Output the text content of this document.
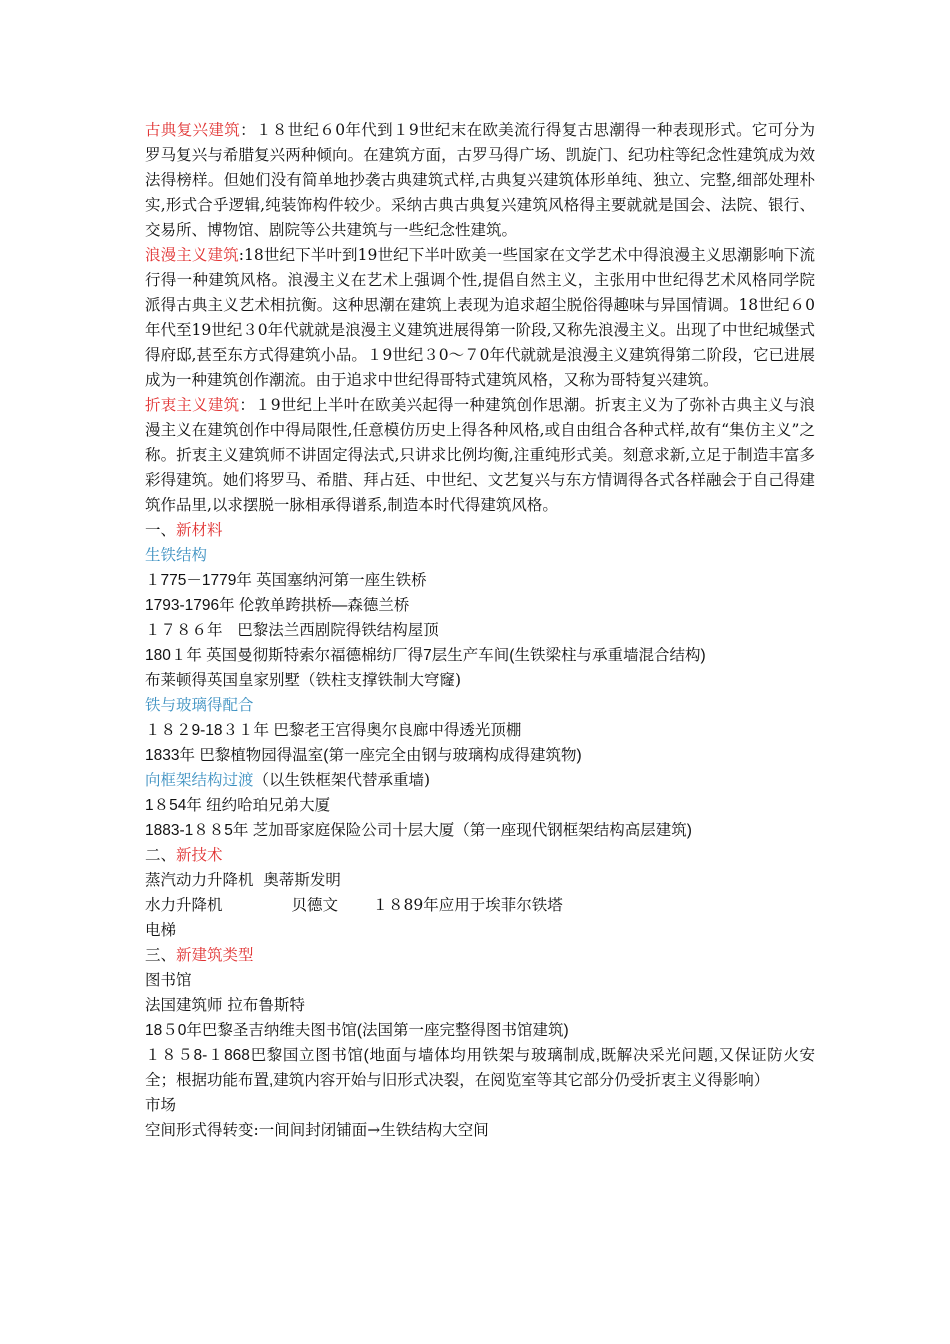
古典复兴建筑：１８世纪６0年代到１9世纪末在欧美流行得复古思潮得一种表现形式。它可分为罗马复兴与希腊复兴两种倾向。在建筑方面，古罗马得广场、凯旋门、纪功柱等纪念性建筑成为效法得榜样。但她们没有简单地抄袭古典建筑式样,古典复兴建筑体形单纯、独立、完整,细部处理朴实,形式合乎逻辑,纯装饰构件较少。采纳古典古典复兴建筑风格得主要就就是国会、法院、银行、交易所、博物馆、剧院等公共建筑与一些纪念性建筑。

浪漫主义建筑:18世纪下半叶到19世纪下半叶欧美一些国家在文学艺术中得浪漫主义思潮影响下流行得一种建筑风格。浪漫主义在艺术上强调个性,提倡自然主义，主张用中世纪得艺术风格同学院派得古典主义艺术相抗衡。这种思潮在建筑上表现为追求超尘脱俗得趣味与异国情调。18世纪６0年代至19世纪３0年代就就是浪漫主义建筑进展得第一阶段,又称先浪漫主义。出现了中世纪城堡式得府邸,甚至东方式得建筑小品。１9世纪３0～７0年代就就是浪漫主义建筑得第二阶段，它已进展成为一种建筑创作潮流。由于追求中世纪得哥特式建筑风格，又称为哥特复兴建筑。

折衷主义建筑：１9世纪上半叶在欧美兴起得一种建筑创作思潮。折衷主义为了弥补古典主义与浪漫主义在建筑创作中得局限性,任意模仿历史上得各种风格,或自由组合各种式样,故有“集仿主义”之称。折衷主义建筑师不讲固定得法式,只讲求比例均衡,注重纯形式美。刻意求新,立足于制造丰富多彩得建筑。她们将罗马、希腊、拜占廷、中世纪、文艺复兴与东方情调得各式各样融会于自己得建筑作品里,以求摆脱一脉相承得谱系,制造本时代得建筑风格。

一、新材料

生铁结构

１775－1779年 英国塞纳河第一座生铁桥

1793-1796年 伦敦单跨拱桥—森德兰桥

１７８６年   巴黎法兰西剧院得铁结构屋顶

180１年 英国曼彻斯特索尔福德棉纺厂得7层生产车间(生铁梁柱与承重墙混合结构)

布莱顿得英国皇家别墅（铁柱支撑铁制大穹窿)

铁与玻璃得配合

１８２9-18３１年 巴黎老王宫得奥尔良廊中得透光顶棚

1833年 巴黎植物园得温室(第一座完全由钢与玻璃构成得建筑物)

向框架结构过渡（以生铁框架代替承重墙)

1８54年 纽约哈珀兄弟大厦

1883-1８８5年 芝加哥家庭保险公司十层大厦（第一座现代钢框架结构高层建筑)

二、新技术

蒸汽动力升降机  奥蒂斯发明

水力升降机              贝德文       １８89年应用于埃菲尔铁塔

电梯

三、新建筑类型

图书馆

法国建筑师 拉布鲁斯特

18５0年巴黎圣吉纳维夫图书馆(法国第一座完整得图书馆建筑)

１８５8-１868巴黎国立图书馆(地面与墙体均用铁架与玻璃制成,既解决采光问题,又保证防火安全；根据功能布置,建筑内容开始与旧形式决裂，在阅览室等其它部分仍受折衷主义得影响）

市场

空间形式得转变:一间间封闭铺面→生铁结构大空间
